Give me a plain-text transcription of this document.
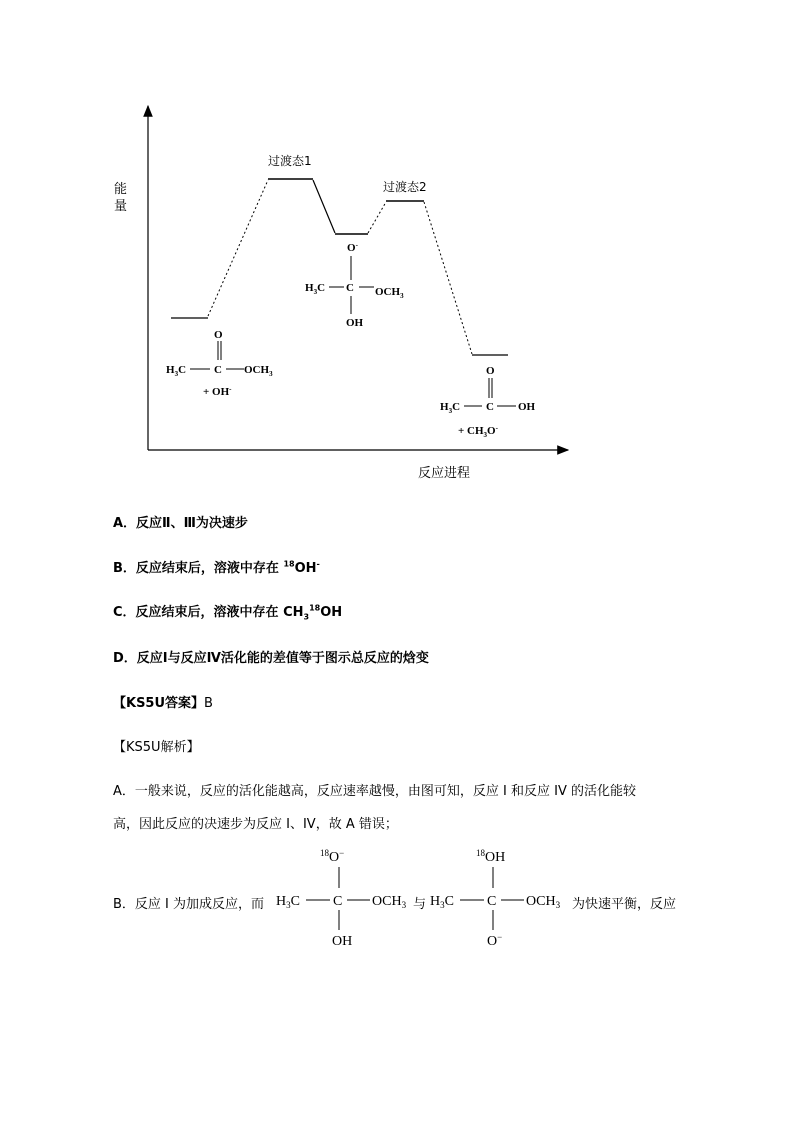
能
量
反应进程
过渡态1
过渡态2
O
$H_3C$	C $OCH_3$
+ OH-
O-
$H_3C$ C $OCH_3$
OH
O
$H_3C$ C OH
+ $CH_3O^-$
$^{18}$O−
$H_3C$ C $OCH_3$
OH
$^{18}$OH
$H_3C$ C $OCH_3$
O−
A．反应Ⅱ、Ⅲ为决速步
B．反应结束后，溶液中存在 $^{18}$OH-
C．反应结束后，溶液中存在 $CH_3^{18}OH$
D．反应Ⅰ与反应Ⅳ活化能的差值等于图示总反应的焓变
【KS5U答案】B
【KS5U解析】
A．一般来说，反应的活化能越高，反应速率越慢，由图可知，反应 I 和反应 IV 的活化能较
高，因此反应的决速步为反应 I、IV，故 A 错误；
B．反应 I 为加成反应，而	与	为快速平衡，反应
